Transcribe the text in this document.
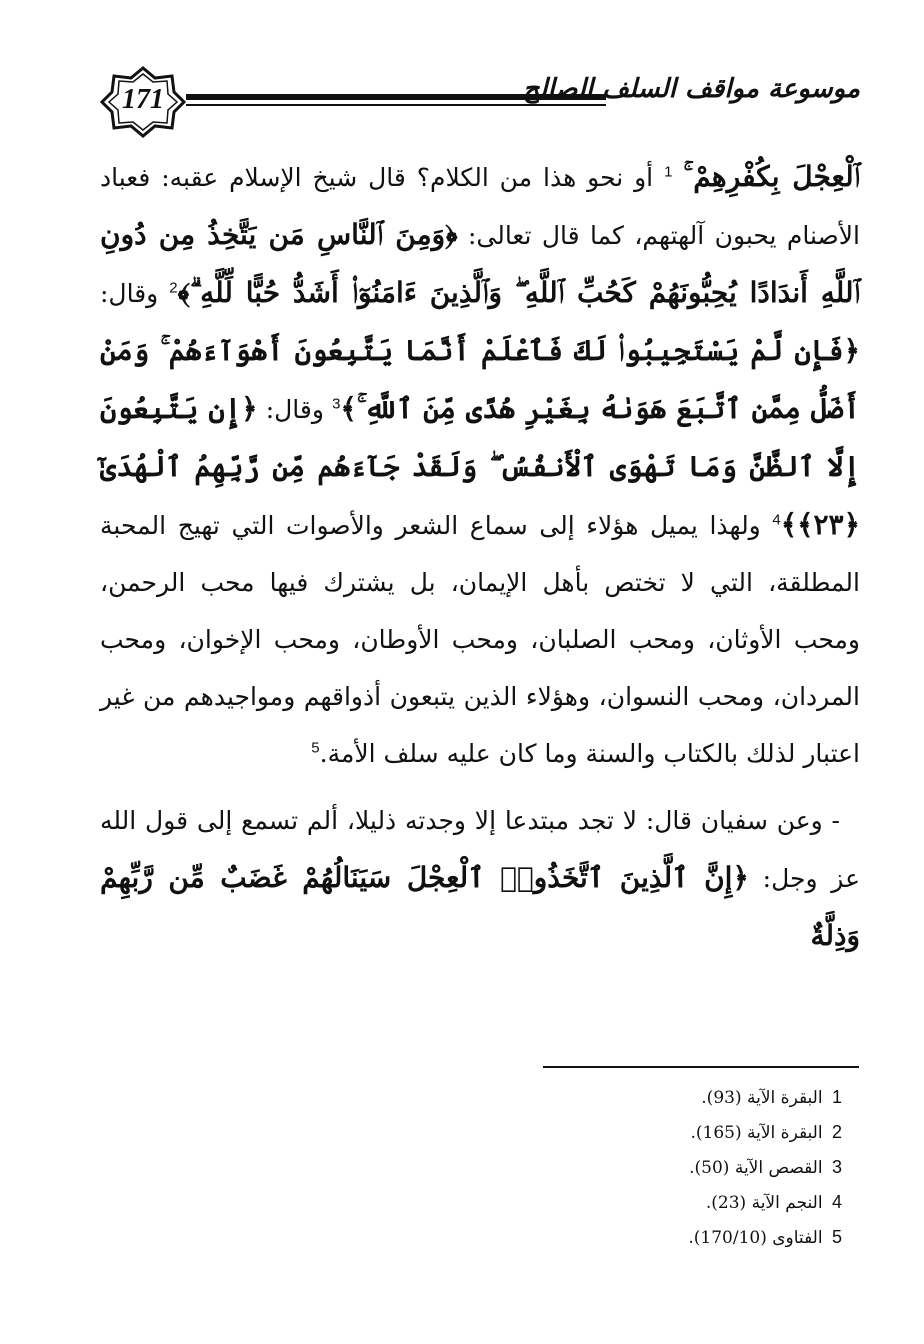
171	موسوعة مواقف السلف الصالح

ٱلْعِجْلَ بِكُفْرِهِمْ ۚ $^1$ أو نحو هذا من الكلام؟ قال شيخ الإسلام عقبه: فعباد الأصنام يحبون آلهتهم، كما قال تعالى: ﴿وَمِنَ ٱلنَّاسِ مَن يَتَّخِذُ مِن دُونِ ٱللَّهِ أَندَادًا يُحِبُّونَهُمْ كَحُبِّ ٱللَّهِ ۖ وَٱلَّذِينَ ءَامَنُوٓا۟ أَشَدُّ حُبًّا لِّلَّهِ ۗ﴾$^2$ وقال: ﴿فَإِن لَّمْ يَسْتَجِيبُوا۟ لَكَ فَٱعْلَمْ أَنَّمَا يَتَّبِعُونَ أَهْوَآءَهُمْ ۚ وَمَنْ أَضَلُّ مِمَّنِ ٱتَّبَعَ هَوَىٰهُ بِغَيْرِ هُدًى مِّنَ ٱللَّهِ ۚ﴾$^3$ وقال: ﴿إِن يَتَّبِعُونَ إِلَّا ٱلظَّنَّ وَمَا تَهْوَى ٱلْأَنفُسُ ۖ وَلَقَدْ جَآءَهُم مِّن رَّبِّهِمُ ٱلْهُدَىٰٓ ﴿٢٣﴾﴾$^4$ ولهذا يميل هؤلاء إلى سماع الشعر والأصوات التي تهيج المحبة المطلقة، التي لا تختص بأهل الإيمان، بل يشترك فيها محب الرحمن، ومحب الأوثان، ومحب الصلبان، ومحب الأوطان، ومحب الإخوان، ومحب المردان، ومحب النسوان، وهؤلاء الذين يتبعون أذواقهم ومواجيدهم من غير اعتبار لذلك بالكتاب والسنة وما كان عليه سلف الأمة.$^5$

- وعن سفيان قال: لا تجد مبتدعا إلا وجدته ذليلا، ألم تسمع إلى قول الله عز وجل: ﴿إِنَّ ٱلَّذِينَ ٱتَّخَذُوا۟ ٱلْعِجْلَ سَيَنَالُهُمْ غَضَبٌ مِّن رَّبِّهِمْ وَذِلَّةٌ

1 البقرة الآية (93).
2 البقرة الآية (165).
3 القصص الآية (50).
4 النجم الآية (23).
5 الفتاوى (170/10).
